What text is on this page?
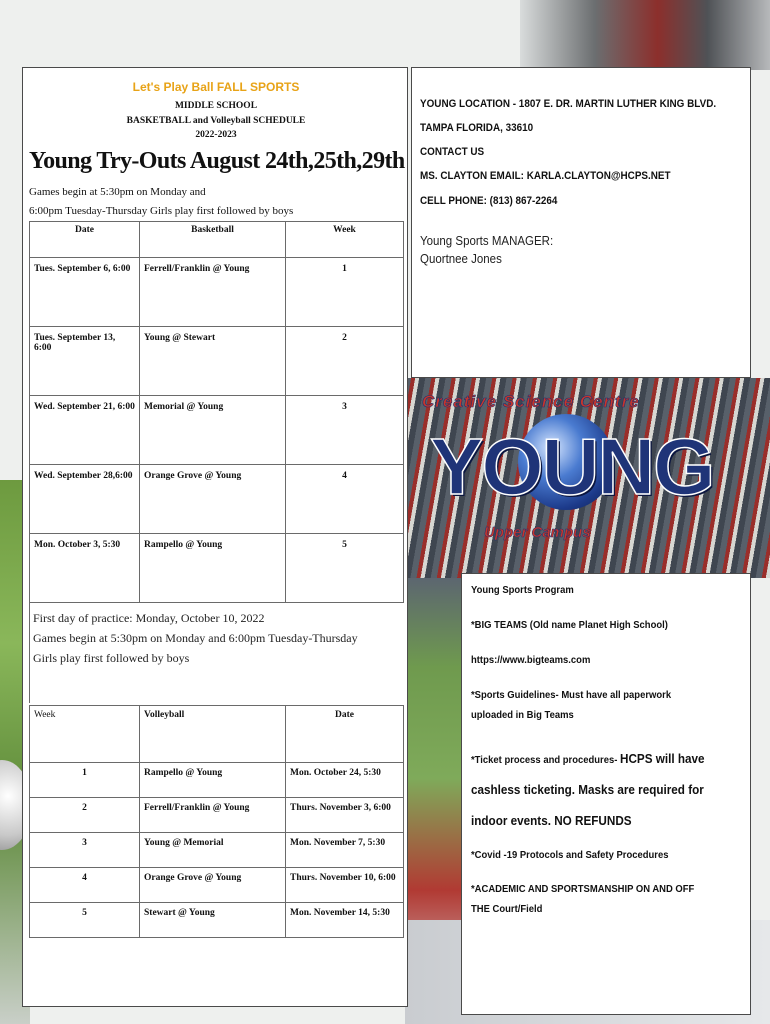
Let's Play Ball FALL SPORTS
MIDDLE SCHOOL
BASKETBALL and Volleyball SCHEDULE
2022-2023
Young Try-Outs August 24th,25th,29th
Games begin at 5:30pm on Monday and
6:00pm Tuesday-Thursday Girls play first followed by boys
Date	Basketball	Week
Tues. September 6, 6:00	Ferrell/Franklin @ Young	1
Tues. September 13, 6:00	Young @ Stewart	2
Wed. September 21, 6:00	Memorial @ Young	3
Wed. September 28,6:00	Orange Grove @ Young	4
Mon. October 3, 5:30	Rampello @ Young	5
First day of practice: Monday, October 10, 2022
Games begin at 5:30pm on Monday and 6:00pm Tuesday-Thursday
Girls play first followed by boys
Week	Volleyball	Date
1	Rampello @ Young	Mon. October 24, 5:30
2	Ferrell/Franklin @ Young	Thurs. November 3, 6:00
3	Young @ Memorial	Mon. November 7, 5:30
4	Orange Grove @ Young	Thurs. November 10, 6:00
5	Stewart @ Young	Mon. November 14, 5:30
YOUNG LOCATION - 1807 E. DR. MARTIN LUTHER KING BLVD.
TAMPA FLORIDA, 33610
CONTACT US
MS. CLAYTON EMAIL: KARLA.CLAYTON@HCPS.NET
CELL PHONE: (813) 867-2264
Young Sports MANAGER:
Quortnee Jones
Creative Science Centre
YOUNG
Upper Campus
Young Sports Program
*BIG TEAMS (Old name Planet High School)
https://www.bigteams.com
*Sports Guidelines- Must have all paperwork uploaded in Big Teams
*Ticket process and procedures- HCPS will have cashless ticketing. Masks are required for indoor events. NO REFUNDS
*Covid -19 Protocols and Safety Procedures
*ACADEMIC AND SPORTSMANSHIP ON AND OFF THE Court/Field
